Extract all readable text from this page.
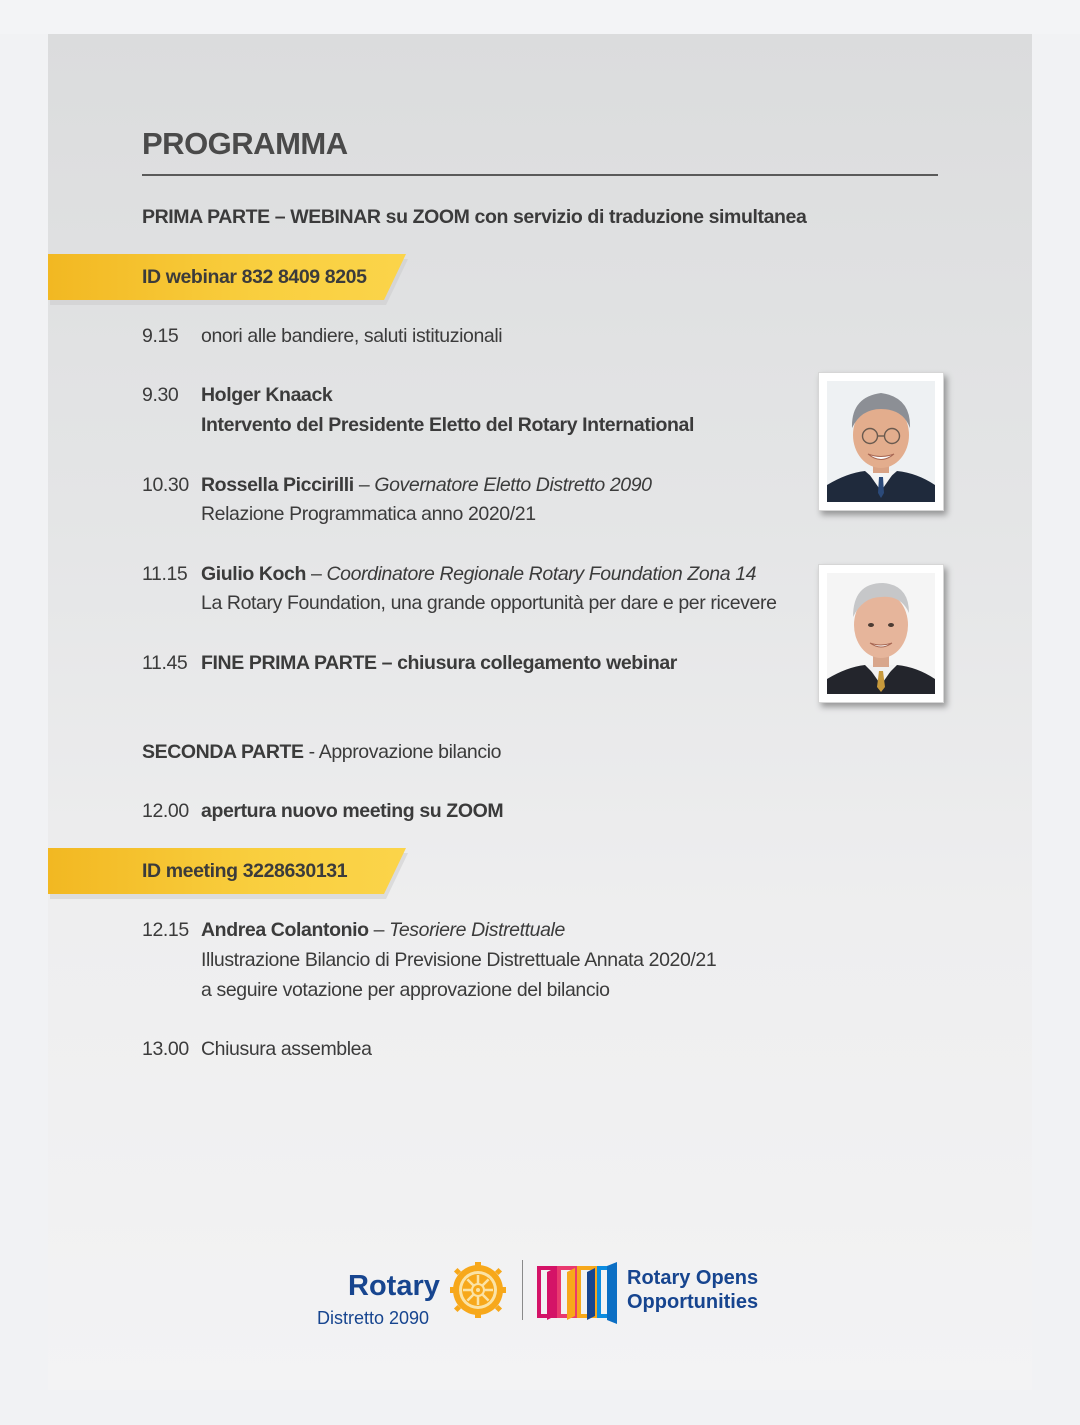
PROGRAMMA
PRIMA PARTE – WEBINAR su ZOOM con servizio di traduzione simultanea
ID webinar 832 8409 8205
9.15	onori alle bandiere, saluti istituzionali
9.30	Holger Knaack
Intervento del Presidente Eletto del Rotary International
10.30 Rossella Piccirilli – Governatore Eletto Distretto 2090
Relazione Programmatica anno 2020/21
11.15 Giulio Koch – Coordinatore Regionale Rotary Foundation Zona 14
La Rotary Foundation, una grande opportunità per dare e per ricevere
11.45 FINE PRIMA PARTE – chiusura collegamento webinar
SECONDA PARTE - Approvazione bilancio
12.00 apertura nuovo meeting su ZOOM
ID meeting 3228630131
12.15 Andrea Colantonio – Tesoriere Distrettuale
Illustrazione Bilancio di Previsione Distrettuale Annata 2020/21
a seguire votazione per approvazione del bilancio
13.00 Chiusura assemblea
Rotary
Distretto 2090
Rotary Opens
Opportunities
